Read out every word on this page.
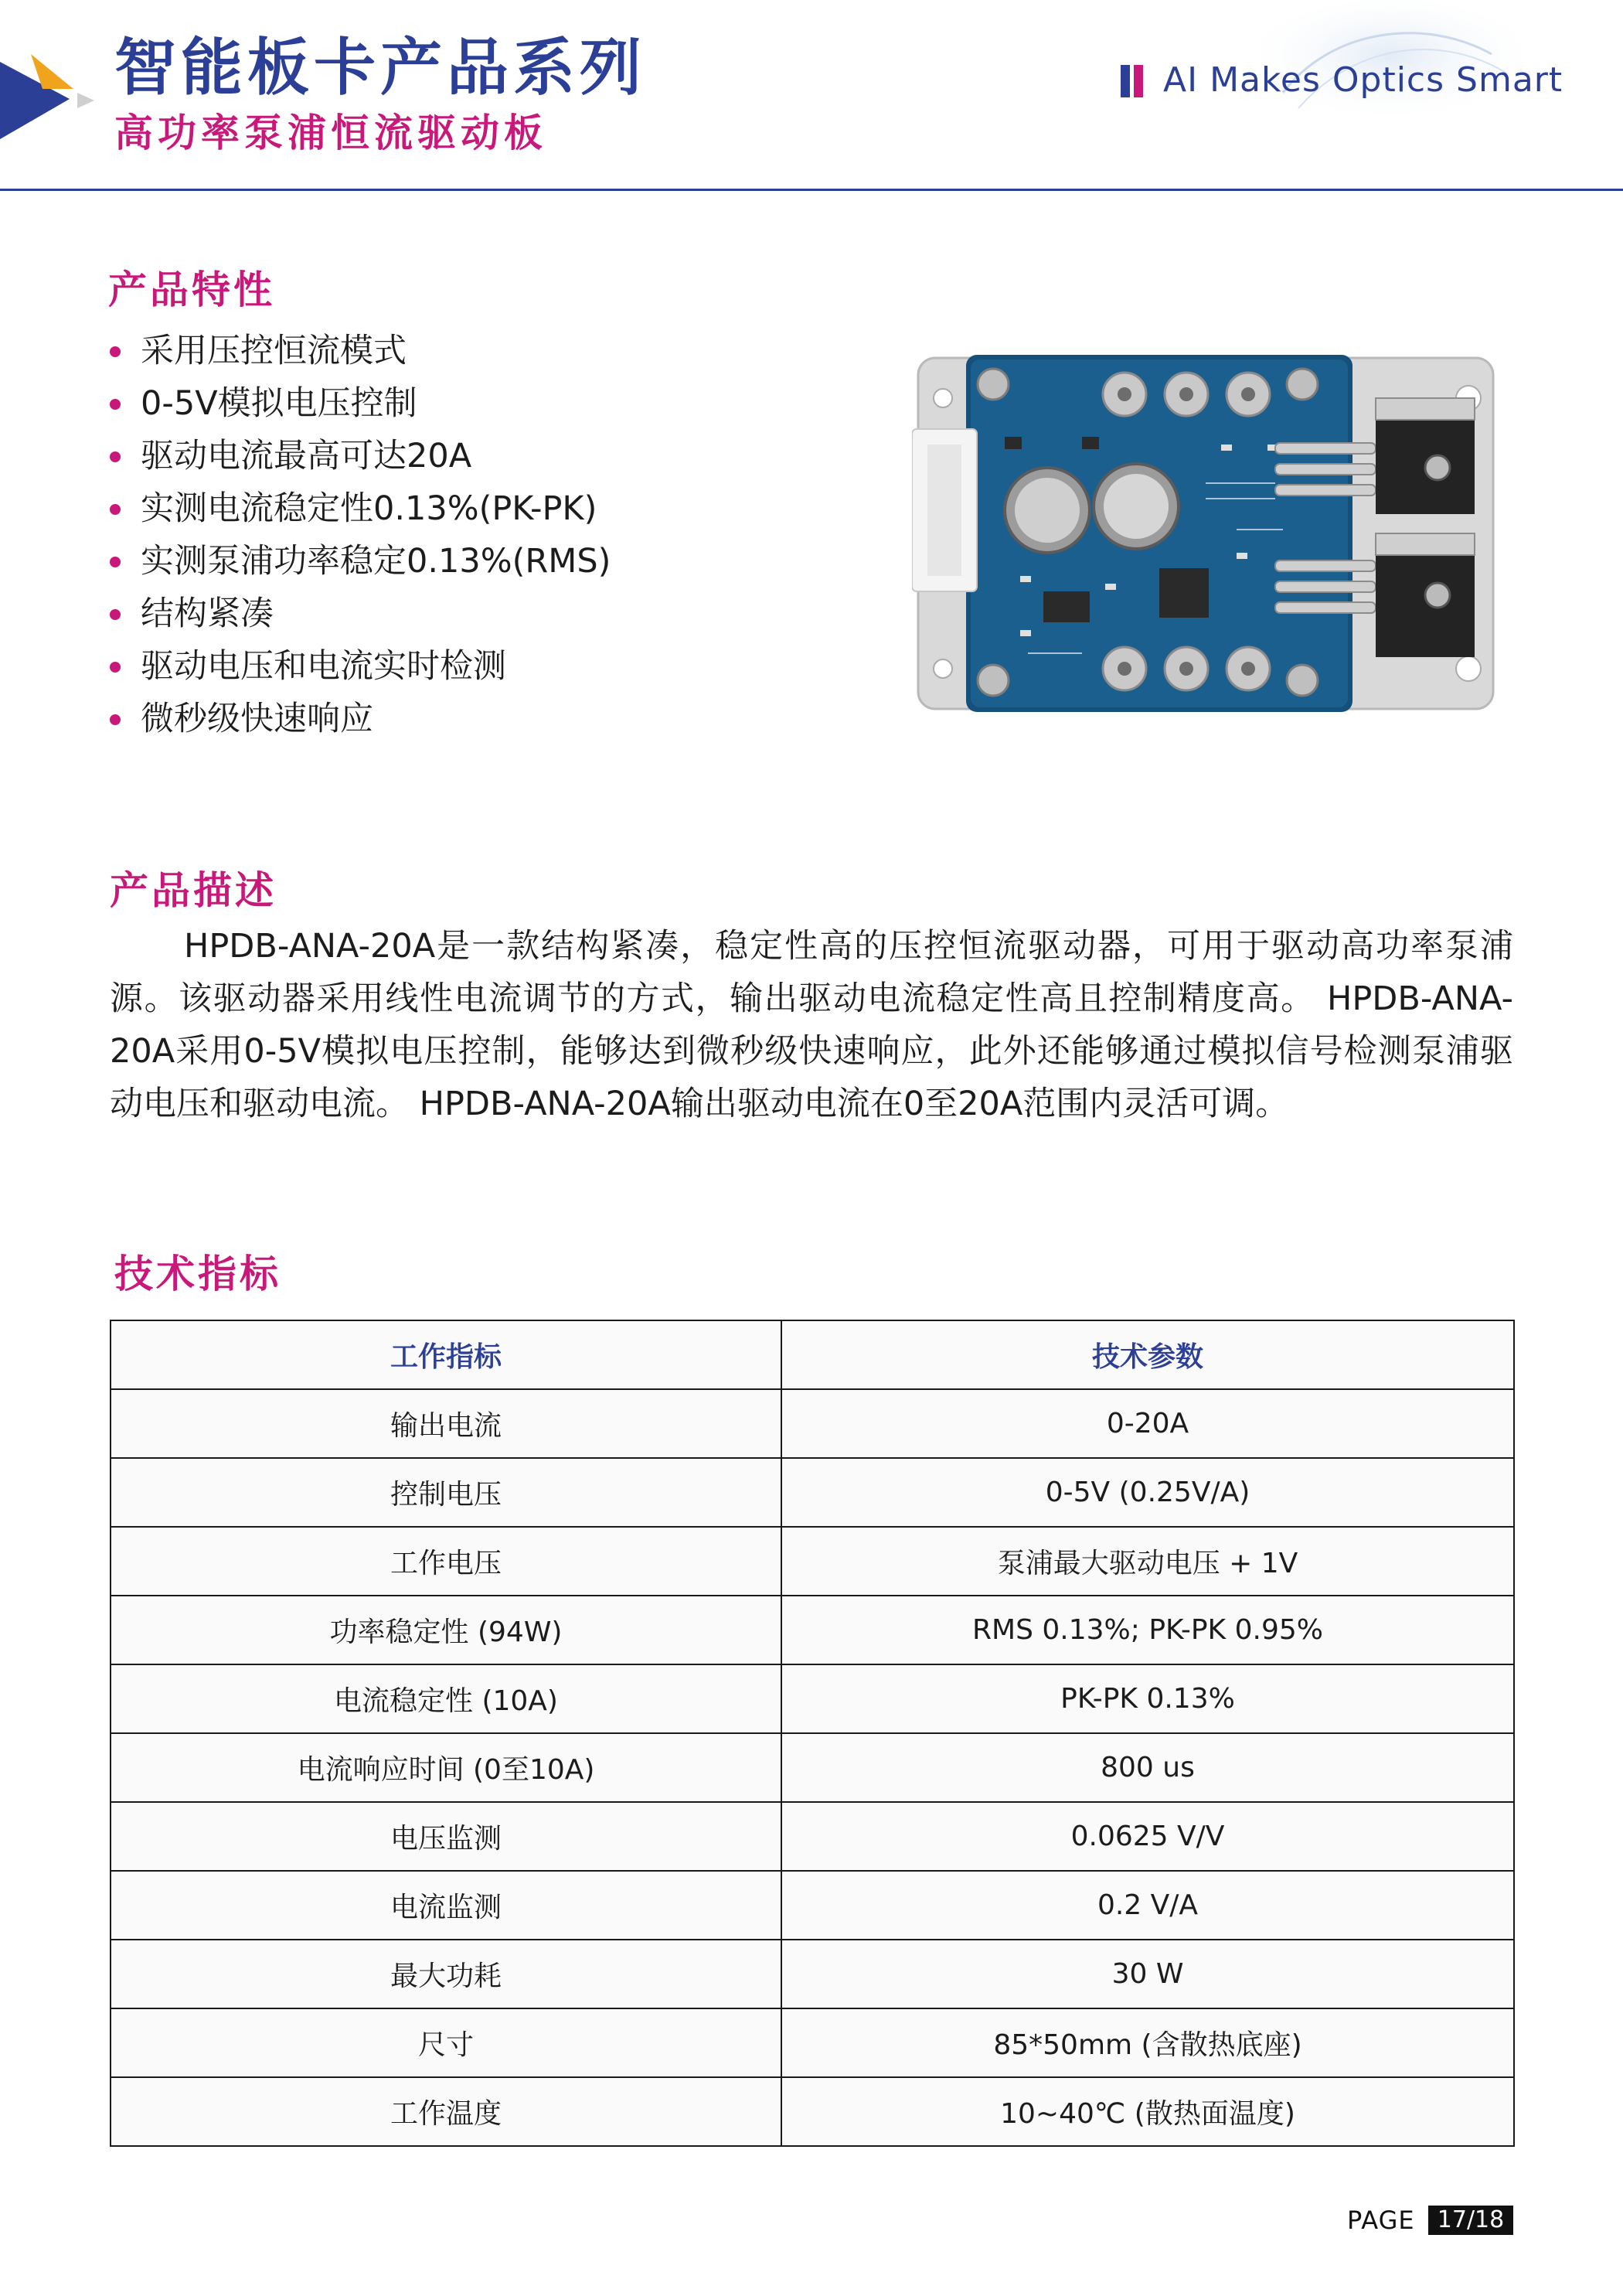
智能板卡产品系列
高功率泵浦恒流驱动板
AI Makes Optics Smart
产品特性
采用压控恒流模式
0-5V模拟电压控制
驱动电流最高可达20A
实测电流稳定性0.13%(PK-PK)
实测泵浦功率稳定0.13%(RMS)
结构紧凑
驱动电压和电流实时检测
微秒级快速响应
产品描述

HPDB-ANA-20A是一款结构紧凑，稳定性高的压控恒流驱动器，可用于驱动高功率泵浦源。该驱动器采用线性电流调节的方式，输出驱动电流稳定性高且控制精度高。 HPDB-ANA-20A采用0-5V模拟电压控制，能够达到微秒级快速响应，此外还能够通过模拟信号检测泵浦驱动电压和驱动电流。 HPDB-ANA-20A输出驱动电流在0至20A范围内灵活可调。

技术指标
工作指标	技术参数
输出电流	0-20A
控制电压	0-5V (0.25V/A)
工作电压	泵浦最大驱动电压 + 1V
功率稳定性 (94W)	RMS 0.13%; PK-PK 0.95%
电流稳定性 (10A)	PK-PK 0.13%
电流响应时间 (0至10A)	800 us
电压监测	0.0625 V/V
电流监测	0.2 V/A
最大功耗	30 W
尺寸	85*50mm (含散热底座)
工作温度	10~40℃ (散热面温度)
PAGE 17/18
